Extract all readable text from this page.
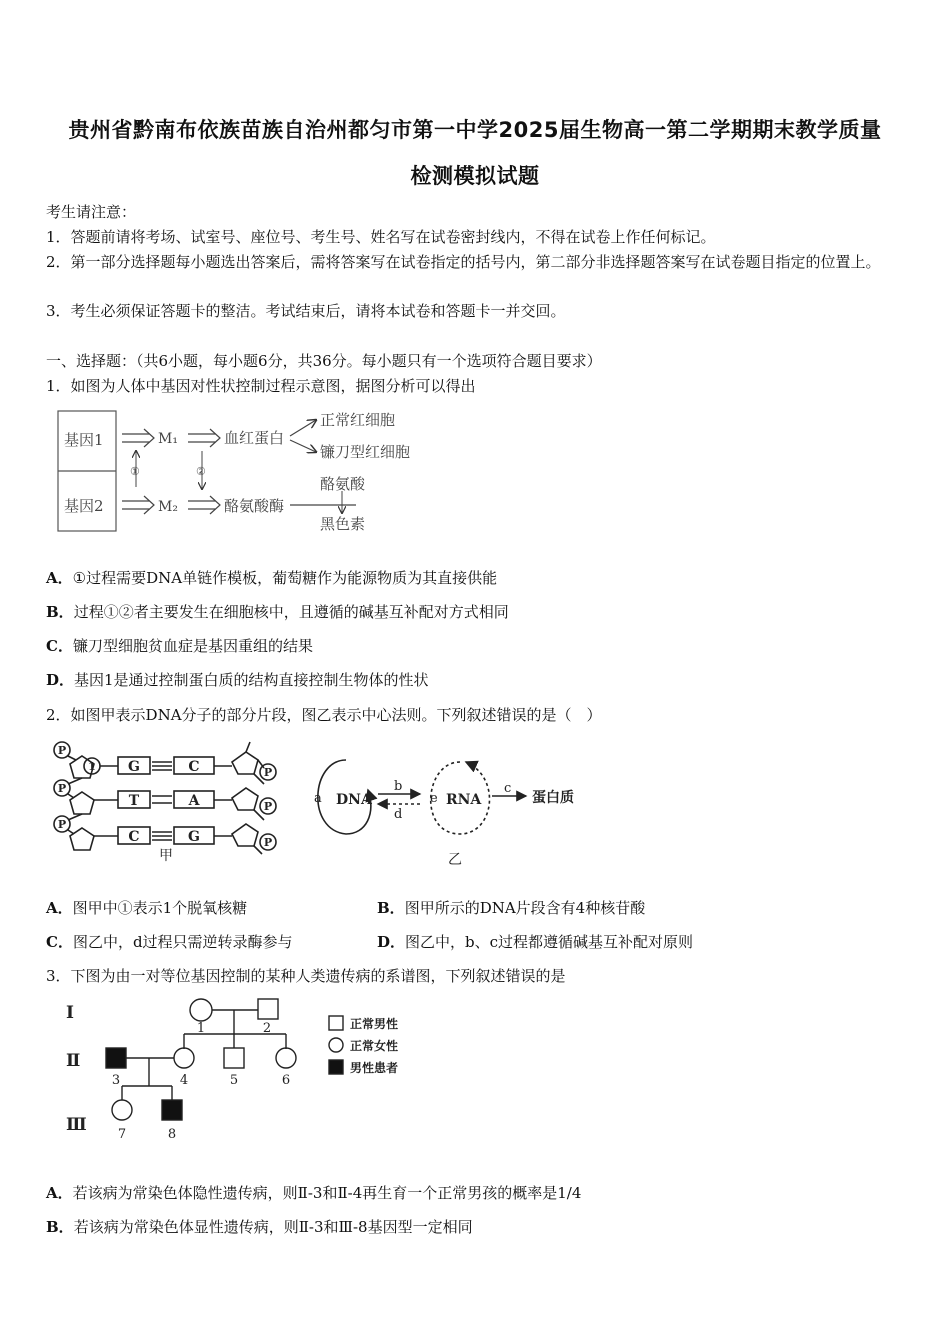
贵州省黔南布依族苗族自治州都匀市第一中学2025届生物高一第二学期期末教学质量
检测模拟试题
考生请注意：
1．答题前请将考场、试室号、座位号、考生号、姓名写在试卷密封线内，不得在试卷上作任何标记。
2．第一部分选择题每小题选出答案后，需将答案写在试卷指定的括号内，第二部分非选择题答案写在试卷题目指定的位置上。
3．考生必须保证答题卡的整洁。考试结束后，请将本试卷和答题卡一并交回。
一、选择题：（共6小题，每小题6分，共36分。每小题只有一个选项符合题目要求）
1．如图为人体中基因对性状控制过程示意图，据图分析可以得出
基因1
基因2
M₁	血红蛋白
正常红细胞
镰刀型红细胞
①	②
M₂	酪氨酸酶
酪氨酸
黑色素
A．①过程需要DNA单链作模板，葡萄糖作为能源物质为其直接供能
B．过程①②者主要发生在细胞核中，且遵循的碱基互补配对方式相同
C．镰刀型细胞贫血症是基因重组的结果
D．基因1是通过控制蛋白质的结构直接控制生物体的性状
2．如图甲表示DNA分子的部分片段，图乙表示中心法则。下列叙述错误的是（　）
P
P
P
1	P
P
P
G
T
C
C
A
G
甲
a DNA
b
d
e RNA
c
蛋白质
乙
A．图甲中①表示1个脱氧核糖	B．图甲所示的DNA片段含有4种核苷酸
C．图乙中，d过程只需逆转录酶参与	D．图乙中，b、c过程都遵循碱基互补配对原则
3．下图为由一对等位基因控制的某种人类遗传病的系谱图，下列叙述错误的是
Ⅰ
Ⅱ
Ⅲ
1	2
3	4	5	6
7	8
正常男性
正常女性
男性患者
A．若该病为常染色体隐性遗传病，则Ⅱ-3和Ⅱ-4再生育一个正常男孩的概率是1/4
B．若该病为常染色体显性遗传病，则Ⅱ-3和Ⅲ-8基因型一定相同
